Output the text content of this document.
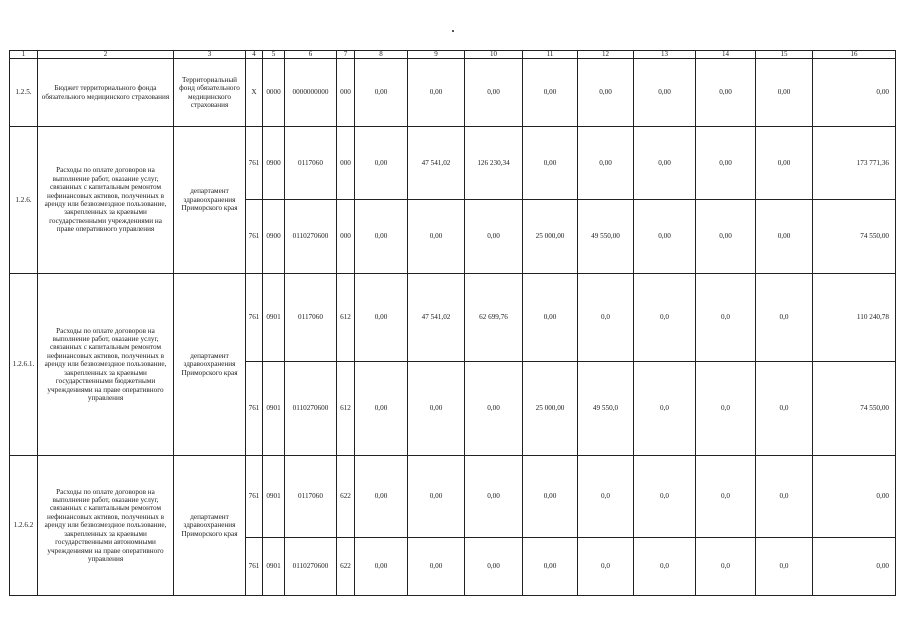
1	2	3	4	5	6	7	8	9	10	11	12	13	14	15	16
1.2.5.	Бюджет территориального фонда обязательного медицинского страхования	Территориальный фонд обязательного медицинского страхования	X	0000	0000000000	000	0,00	0,00	0,00	0,00	0,00	0,00	0,00	0,00	0,00
1.2.6.	Расходы по оплате договоров на выполнение работ, оказание услуг, связанных с капитальным ремонтом нефинансовых активов, полученных в аренду или безвозмездное пользование, закрепленных за краевыми государственными учреждениями на праве оперативного управления	департамент здравоохранения Приморского края	761	0900	0117060	000	0,00	47 541,02	126 230,34	0,00	0,00	0,00	0,00	0,00	173 771,36
			761	0900	0110270600	000	0,00	0,00	0,00	25 000,00	49 550,00	0,00	0,00	0,00	74 550,00
1.2.6.1.	Расходы по оплате договоров на выполнение работ, оказание услуг, связанных с капитальным ремонтом нефинансовых активов, полученных в аренду или безвозмездное пользование, закрепленных за краевыми государственными бюджетными учреждениями на праве оперативного управления	департамент здравоохранения Приморского края	761	0901	0117060	612	0,00	47 541,02	62 699,76	0,00	0,0	0,0	0,0	0,0	110 240,78
			761	0901	0110270600	612	0,00	0,00	0,00	25 000,00	49 550,0	0,0	0,0	0,0	74 550,00
1.2.6.2	Расходы по оплате договоров на выполнение работ, оказание услуг, связанных с капитальным ремонтом нефинансовых активов, полученных в аренду или безвозмездное пользование, закрепленных за краевыми государственными автономными учреждениями на праве оперативного управления	департамент здравоохранения Приморского края	761	0901	0117060	622	0,00	0,00	0,00	0,00	0,0	0,0	0,0	0,0	0,00
			761	0901	0110270600	622	0,00	0,00	0,00	0,00	0,0	0,0	0,0	0,0	0,00
